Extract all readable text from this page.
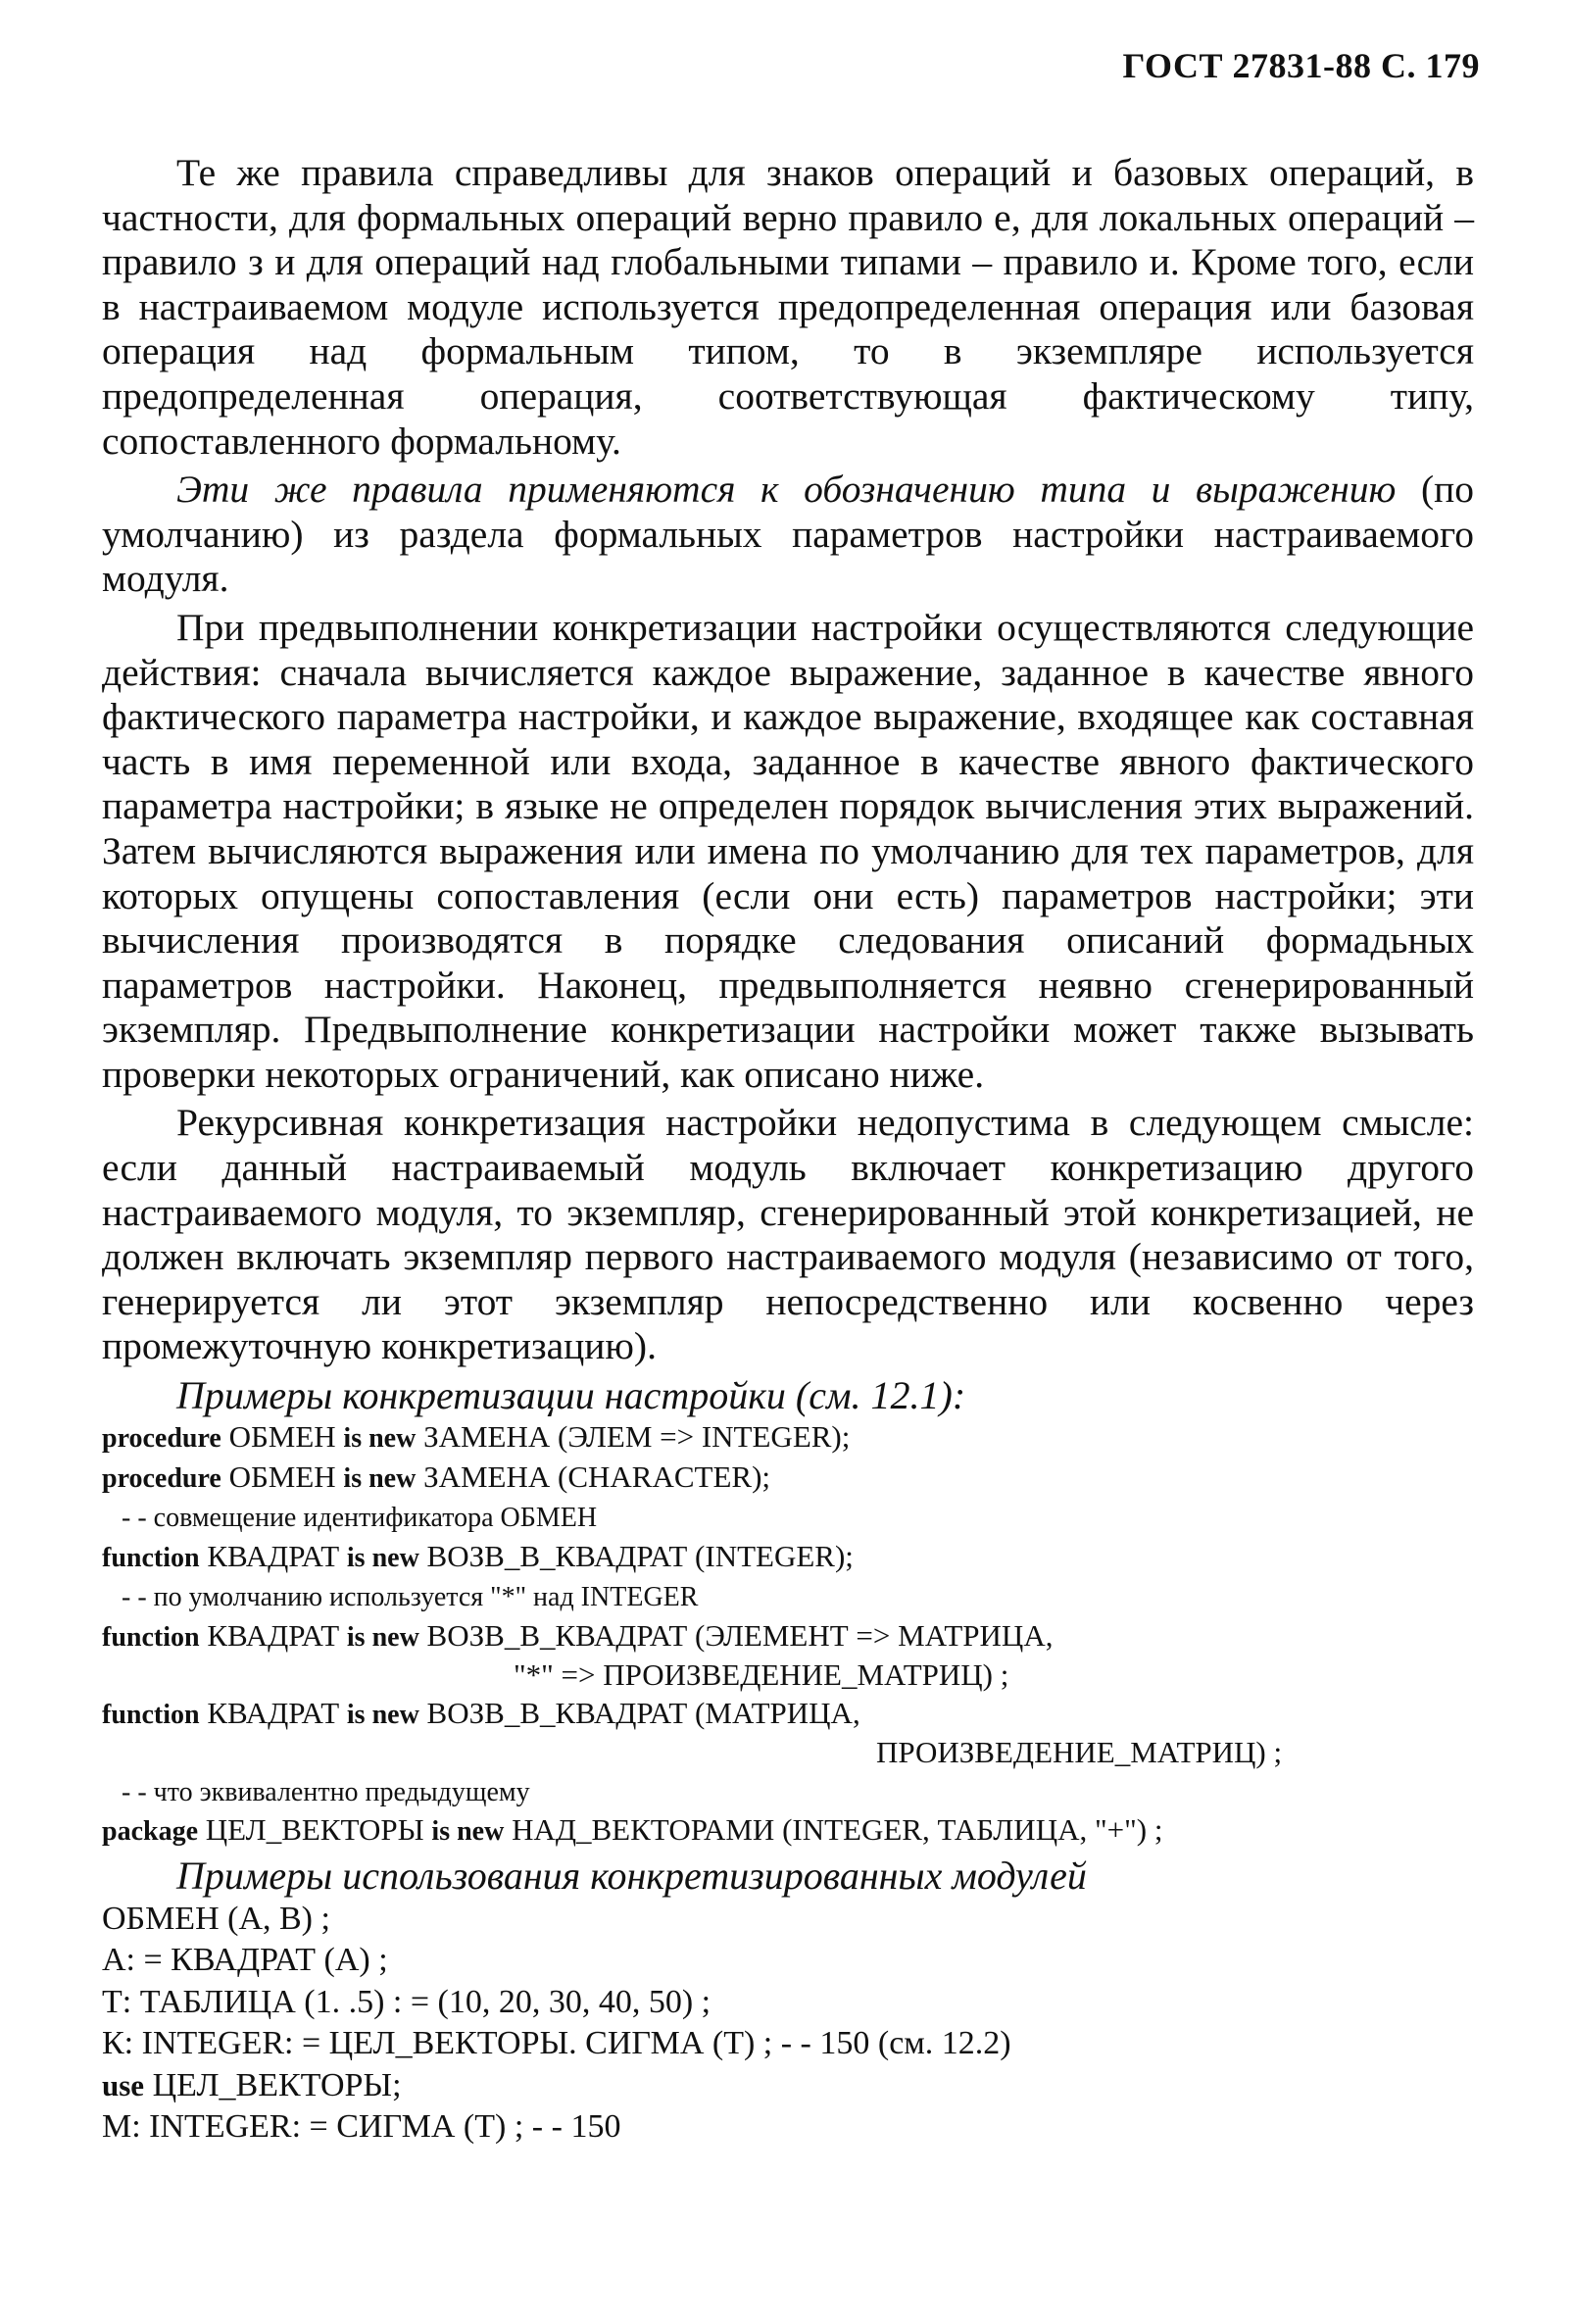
ГОСТ 27831-88 С. 179

Те же правила справедливы для знаков операций и базовых операций, в частности, для формальных операций верно правило е, для локальных операций – правило з и для операций над глобальными типами – правило и. Кроме того, если в настраиваемом модуле используется предопределенная операция или базовая операция над формальным типом, то в экземпляре используется предопределенная операция, соответствующая фактическому типу, сопоставленного формальному.

Эти же правила применяются к обозначению типа и выражению (по умолчанию) из раздела формальных параметров настройки настраиваемого модуля.

При предвыполнении конкретизации настройки осуществляются следующие действия: сначала вычисляется каждое выражение, заданное в качестве явного фактического параметра настройки, и каждое выражение, входящее как составная часть в имя переменной или входа, заданное в качестве явного фактического параметра настройки; в языке не определен порядок вычисления этих выражений. Затем вычисляются выражения или имена по умолчанию для тех параметров, для которых опущены сопоставления (если они есть) параметров настройки; эти вычисления производятся в порядке следования описаний формадьных параметров настройки. Наконец, предвыполняется неявно сгенерированный экземпляр. Предвыполнение конкретизации настройки может также вызывать проверки некоторых ограничений, как описано ниже.

Рекурсивная конкретизация настройки недопустима в следующем смысле: если данный настраиваемый модуль включает конкретизацию другого настраиваемого модуля, то экземпляр, сгенерированный этой конкретизацией, не должен включать экземпляр первого настраиваемого модуля (независимо от того, генерируется ли этот экземпляр непосредственно или косвенно через промежуточную конкретизацию).

Примеры конкретизации настройки (см. 12.1):
procedure ОБМЕН is new ЗАМЕНА (ЭЛЕМ => INTEGER);
procedure ОБМЕН is new ЗАМЕНА (CHARACTER);
- - совмещение идентификатора ОБМЕН
function КВАДРАТ is new ВОЗВ_В_КВАДРАТ (INTEGER);
- - по умолчанию используется "*" над INTEGER
function КВАДРАТ is new ВОЗВ_В_КВАДРАТ (ЭЛЕМЕНТ => МАТРИЦА,
"*" => ПРОИЗВЕДЕНИЕ_МАТРИЦ) ;
function КВАДРАТ is new ВОЗВ_В_КВАДРАТ (МАТРИЦА,
ПРОИЗВЕДЕНИЕ_МАТРИЦ) ;
- - что эквивалентно предыдущему
package ЦЕЛ_ВЕКТОРЫ is new НАД_ВЕКТОРАМИ (INTEGER, ТАБЛИЦА, "+") ;
Примеры использования конкретизированных модулей
ОБМЕН (А, В) ;
А: = КВАДРАТ (А) ;
Т: ТАБЛИЦА (1. .5) : = (10, 20, 30, 40, 50) ;
К: INTEGER: = ЦЕЛ_ВЕКТОРЫ. СИГМА (Т) ; - - 150 (см. 12.2)
use ЦЕЛ_ВЕКТОРЫ;
М: INTEGER: = СИГМА (Т) ; - - 150
